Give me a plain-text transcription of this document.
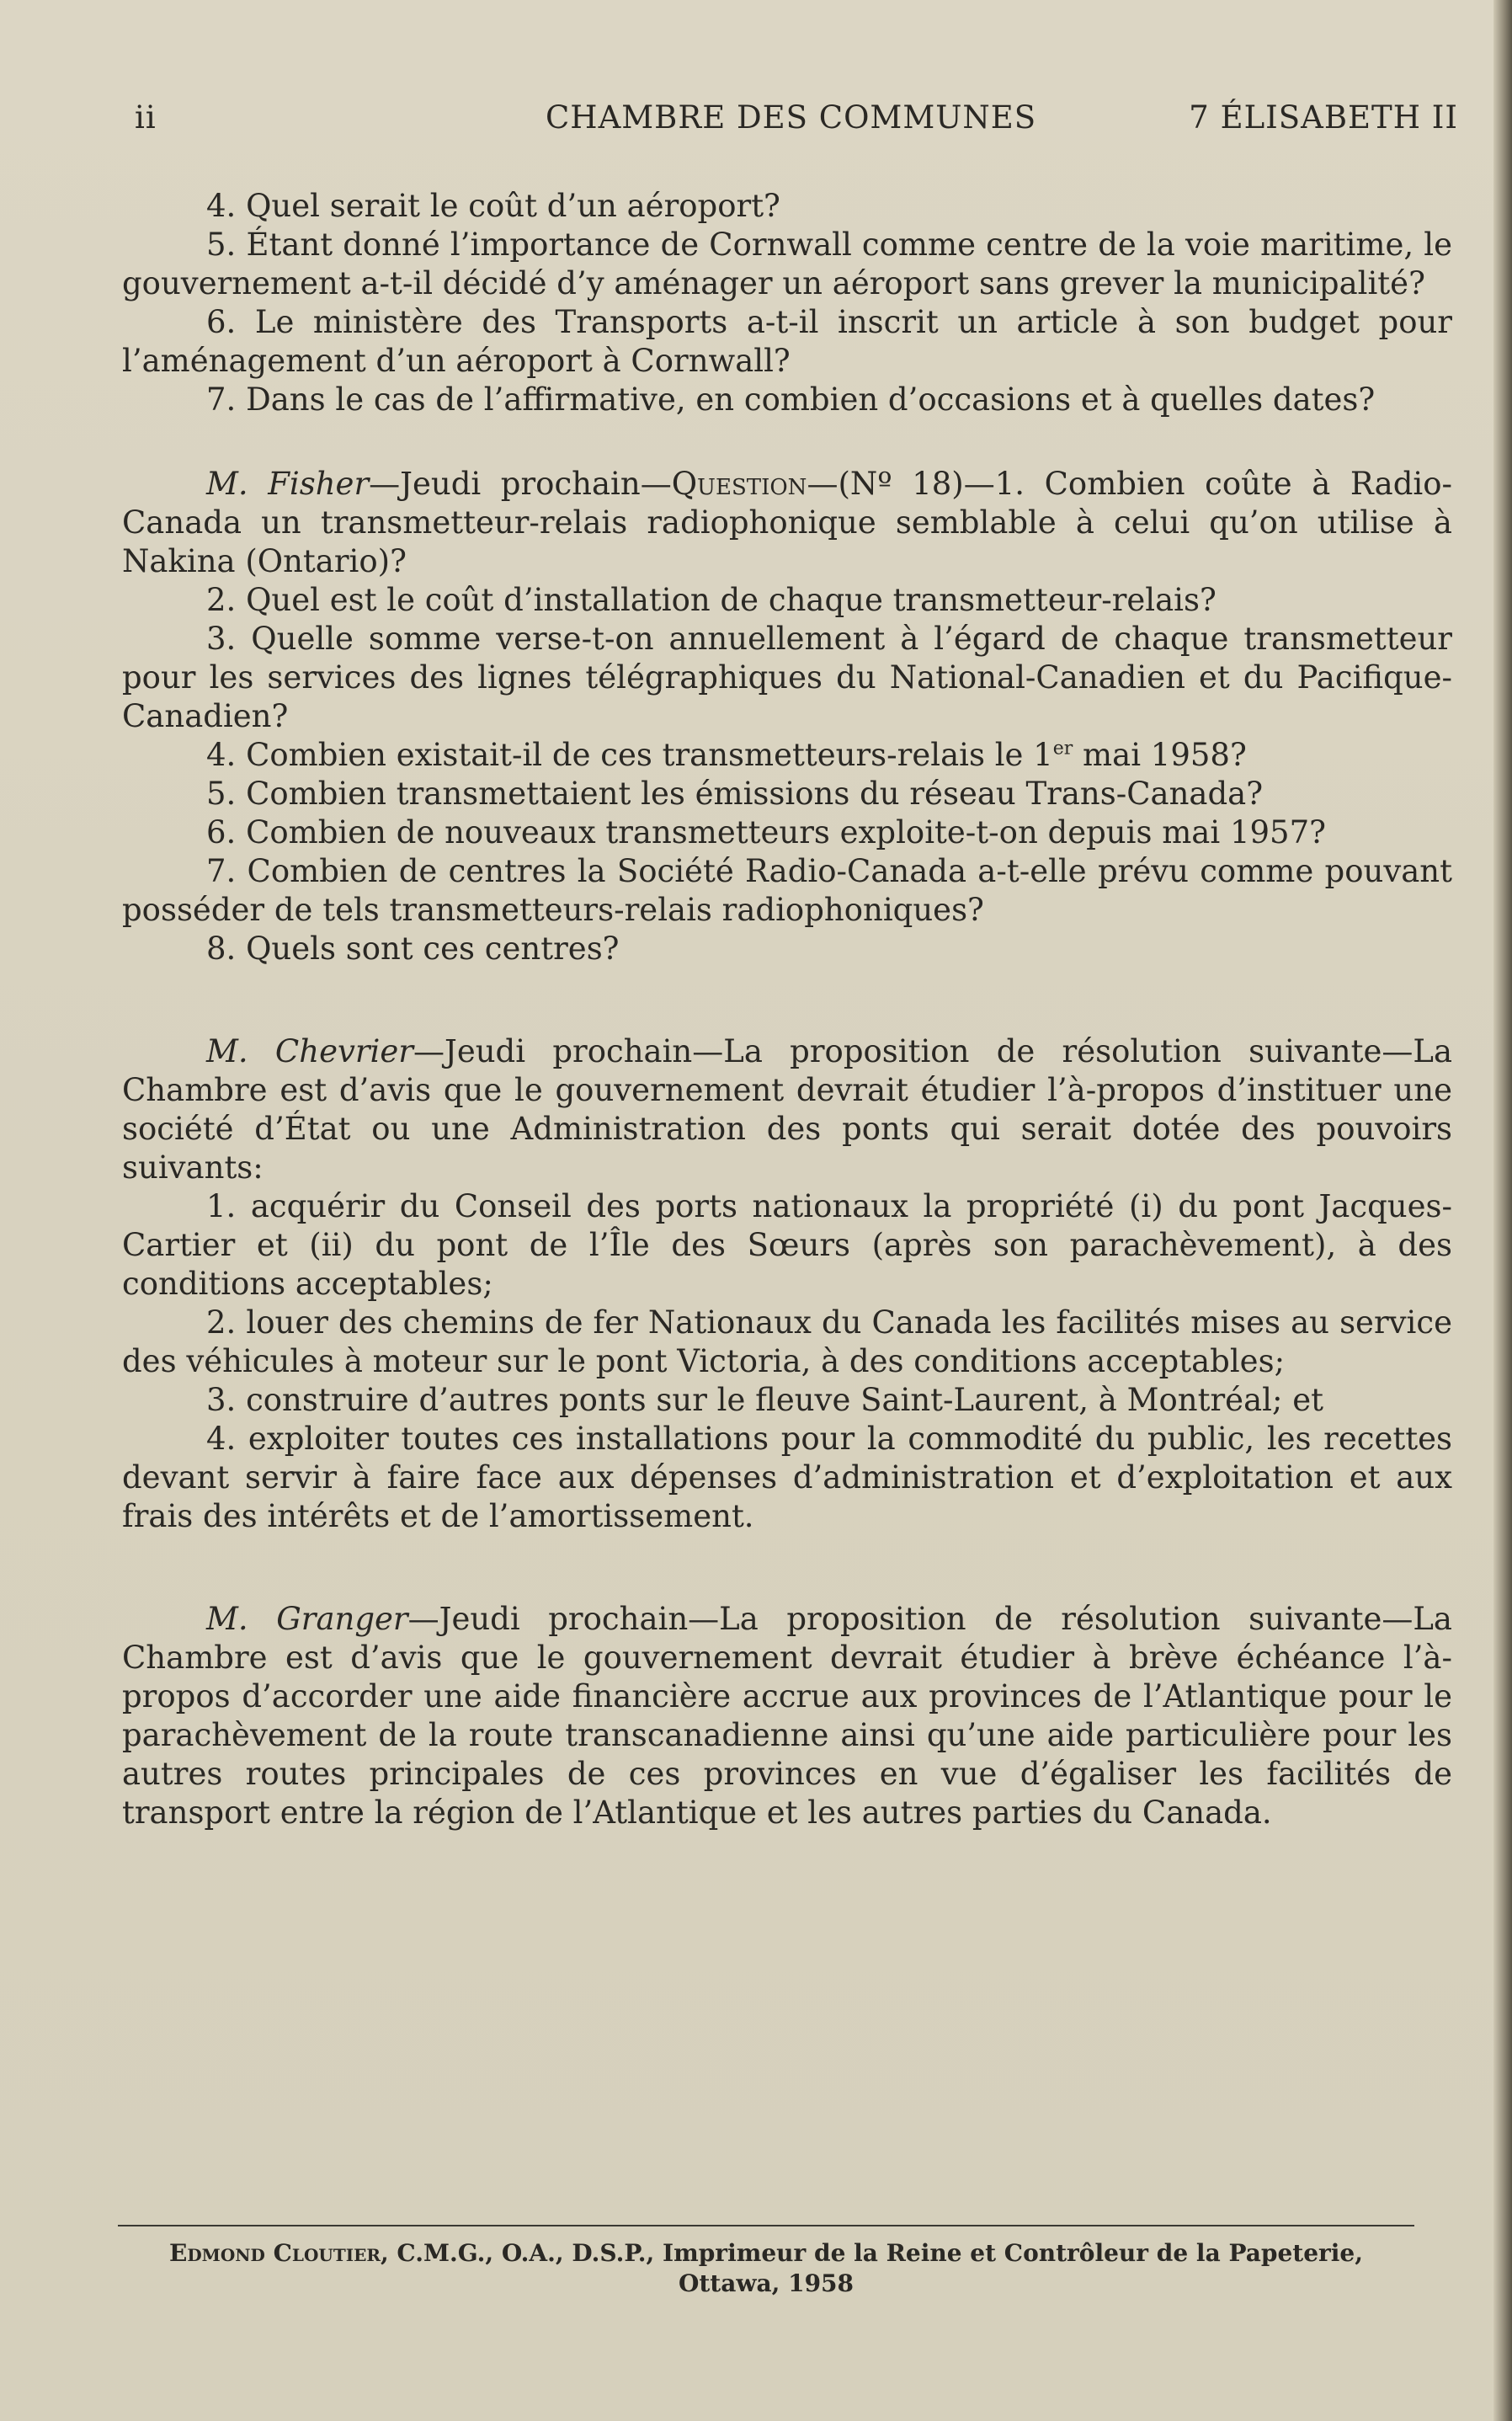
ii	CHAMBRE DES COMMUNES	7 ÉLISABETH II

4. Quel serait le coût d’un aéroport?

5. Étant donné l’importance de Cornwall comme centre de la voie maritime, le gouvernement a-t-il décidé d’y aménager un aéroport sans grever la municipalité?

6. Le ministère des Transports a-t-il inscrit un article à son budget pour l’aménagement d’un aéroport à Cornwall?

7. Dans le cas de l’affirmative, en combien d’occasions et à quelles dates?

M. Fisher—Jeudi prochain—Question—(Nº 18)—1. Combien coûte à Radio-Canada un transmetteur-relais radiophonique semblable à celui qu’on utilise à Nakina (Ontario)?

2. Quel est le coût d’installation de chaque transmetteur-relais?

3. Quelle somme verse-t-on annuellement à l’égard de chaque transmetteur pour les services des lignes télégraphiques du National-Canadien et du Pacifique-Canadien?

4. Combien existait-il de ces transmetteurs-relais le 1er mai 1958?

5. Combien transmettaient les émissions du réseau Trans-Canada?

6. Combien de nouveaux transmetteurs exploite-t-on depuis mai 1957?

7. Combien de centres la Société Radio-Canada a-t-elle prévu comme pouvant posséder de tels transmetteurs-relais radiophoniques?

8. Quels sont ces centres?

M. Chevrier—Jeudi prochain—La proposition de résolution suivante—La Chambre est d’avis que le gouvernement devrait étudier l’à-propos d’instituer une société d’État ou une Administration des ponts qui serait dotée des pouvoirs suivants:

1. acquérir du Conseil des ports nationaux la propriété (i) du pont Jacques-Cartier et (ii) du pont de l’Île des Sœurs (après son parachèvement), à des conditions acceptables;

2. louer des chemins de fer Nationaux du Canada les facilités mises au service des véhicules à moteur sur le pont Victoria, à des conditions acceptables;

3. construire d’autres ponts sur le fleuve Saint-Laurent, à Montréal; et

4. exploiter toutes ces installations pour la commodité du public, les recettes devant servir à faire face aux dépenses d’administration et d’exploitation et aux frais des intérêts et de l’amortissement.

M. Granger—Jeudi prochain—La proposition de résolution suivante—La Chambre est d’avis que le gouvernement devrait étudier à brève échéance l’à-propos d’accorder une aide financière accrue aux provinces de l’Atlantique pour le parachèvement de la route transcanadienne ainsi qu’une aide particulière pour les autres routes principales de ces provinces en vue d’égaliser les facilités de transport entre la région de l’Atlantique et les autres parties du Canada.

Edmond Cloutier, C.M.G., O.A., D.S.P., Imprimeur de la Reine et Contrôleur de la Papeterie,
Ottawa, 1958
